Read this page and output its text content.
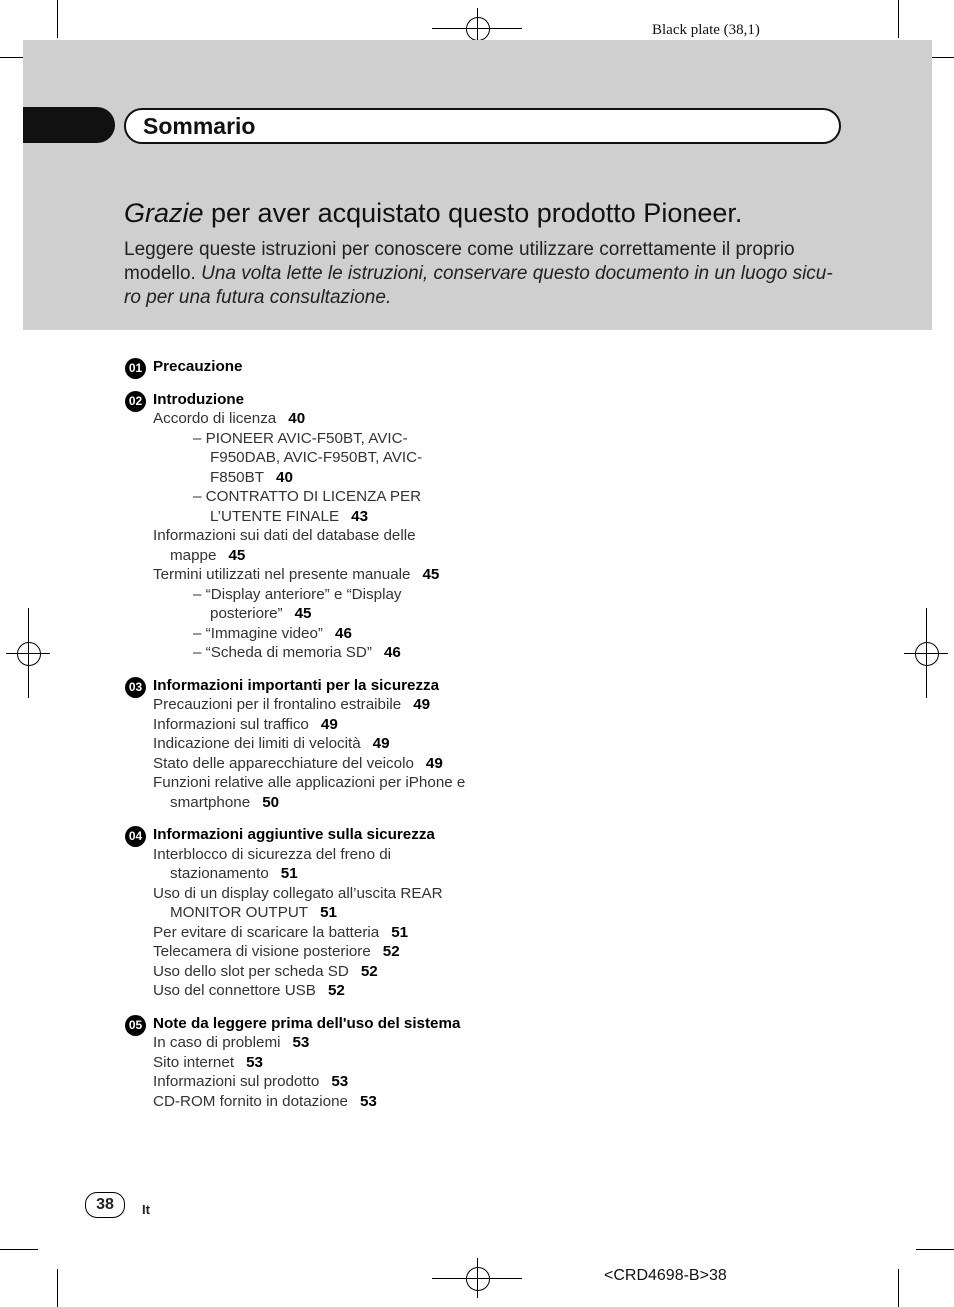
Black plate (38,1)
Sommario
Grazie per aver acquistato questo prodotto Pioneer.
Leggere queste istruzioni per conoscere come utilizzare correttamente il proprio modello. Una volta lette le istruzioni, conservare questo documento in un luogo sicu-ro per una futura consultazione.
01 Precauzione
02 Introduzione
Accordo di licenza 40
– PIONEER AVIC-F50BT, AVIC-F950DAB, AVIC-F950BT, AVIC-F850BT 40
– CONTRATTO DI LICENZA PER L’UTENTE FINALE 43
Informazioni sui dati del database delle mappe 45
Termini utilizzati nel presente manuale 45
– “Display anteriore” e “Display posteriore” 45
– “Immagine video” 46
– “Scheda di memoria SD” 46
03 Informazioni importanti per la sicurezza
Precauzioni per il frontalino estraibile 49
Informazioni sul traffico 49
Indicazione dei limiti di velocità 49
Stato delle apparecchiature del veicolo 49
Funzioni relative alle applicazioni per iPhone e smartphone 50
04 Informazioni aggiuntive sulla sicurezza
Interblocco di sicurezza del freno di stazionamento 51
Uso di un display collegato all’uscita REAR MONITOR OUTPUT 51
Per evitare di scaricare la batteria 51
Telecamera di visione posteriore 52
Uso dello slot per scheda SD 52
Uso del connettore USB 52
05 Note da leggere prima dell'uso del sistema
In caso di problemi 53
Sito internet 53
Informazioni sul prodotto 53
CD-ROM fornito in dotazione 53
38	It
<CRD4698-B>38
